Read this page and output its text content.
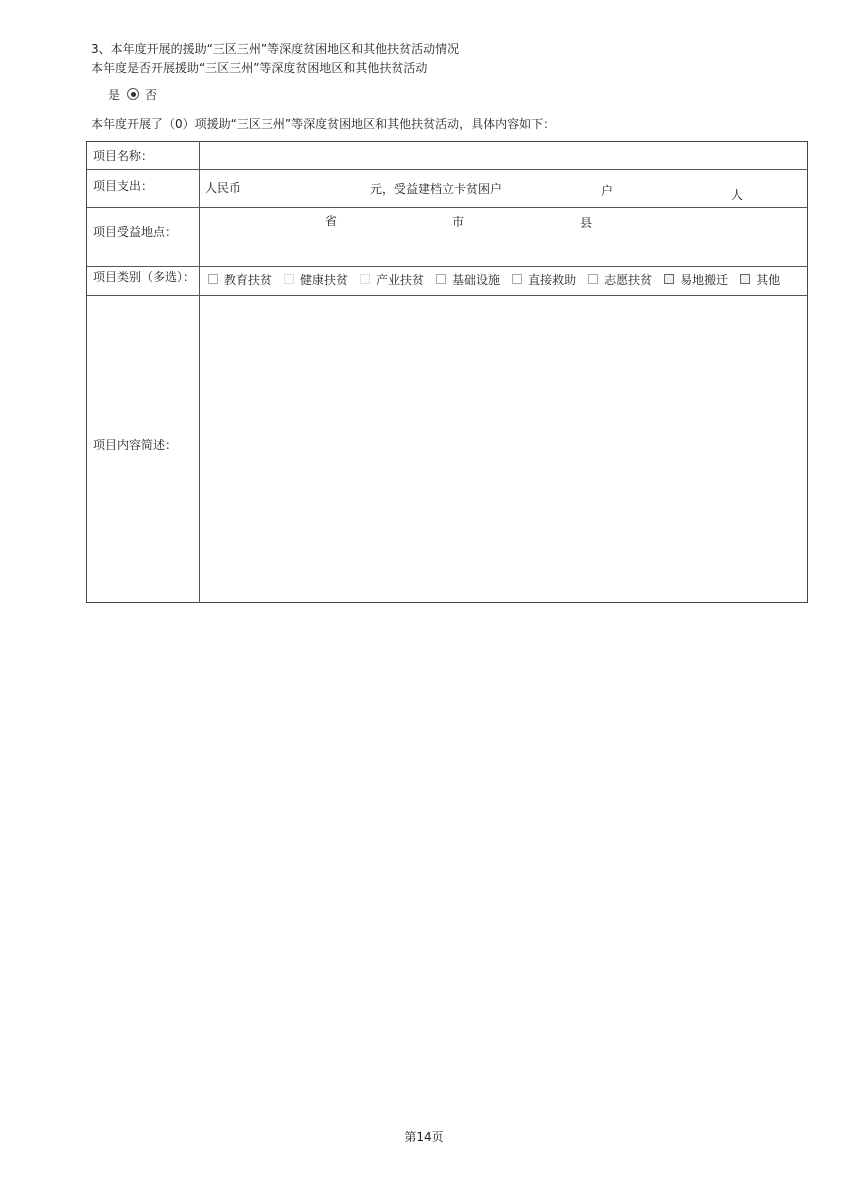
3、本年度开展的援助“三区三州”等深度贫困地区和其他扶贫活动情况
本年度是否开展援助“三区三州”等深度贫困地区和其他扶贫活动
是 否
本年度开展了（0）项援助“三区三州”等深度贫困地区和其他扶贫活动，具体内容如下：
项目名称：
项目支出：	人民币	元，受益建档立卡贫困户	户	人
项目受益地点：
省	市	县
项目类别（多选）： 教育扶贫 健康扶贫 产业扶贫 基础设施 直接救助 志愿扶贫 易地搬迁 其他
项目内容简述：
第14页
